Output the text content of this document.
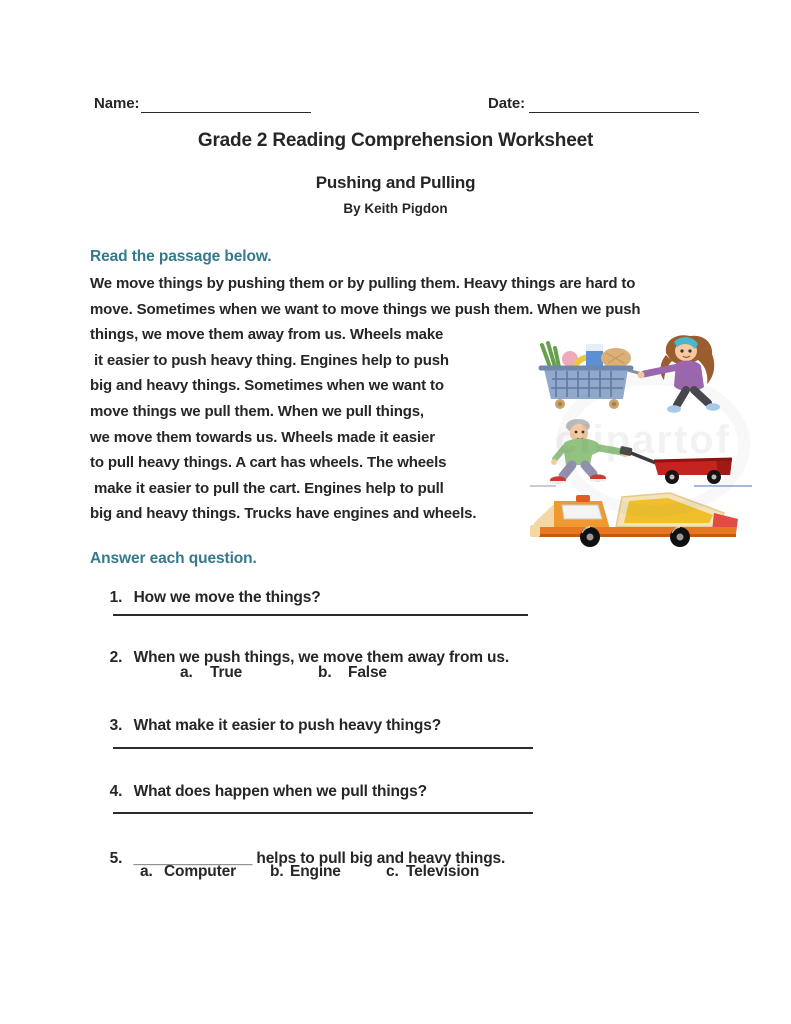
Name:	Date:
Grade 2 Reading Comprehension Worksheet
Pushing and Pulling
By Keith Pigdon
Read the passage below.
We move things by pushing them or by pulling them. Heavy things are hard to
move. Sometimes when we want to move things we push them. When we push
things, we move them away from us. Wheels make
it easier to push heavy thing. Engines help to push
big and heavy things. Sometimes when we want to
move things we pull them. When we pull things,
we move them towards us. Wheels made it easier
to pull heavy things. A cart has wheels. The wheels
make it easier to pull the cart. Engines help to pull
big and heavy things. Trucks have engines and wheels.
clipartof
Answer each question.

1. How we move the things?

2. When we push things, we move them away from us.

a. True	b. False

3. What make it easier to push heavy things?

4. What does happen when we pull things?

5. ______________ helps to pull big and heavy things.

a. Computer b. Engine	c. Television
